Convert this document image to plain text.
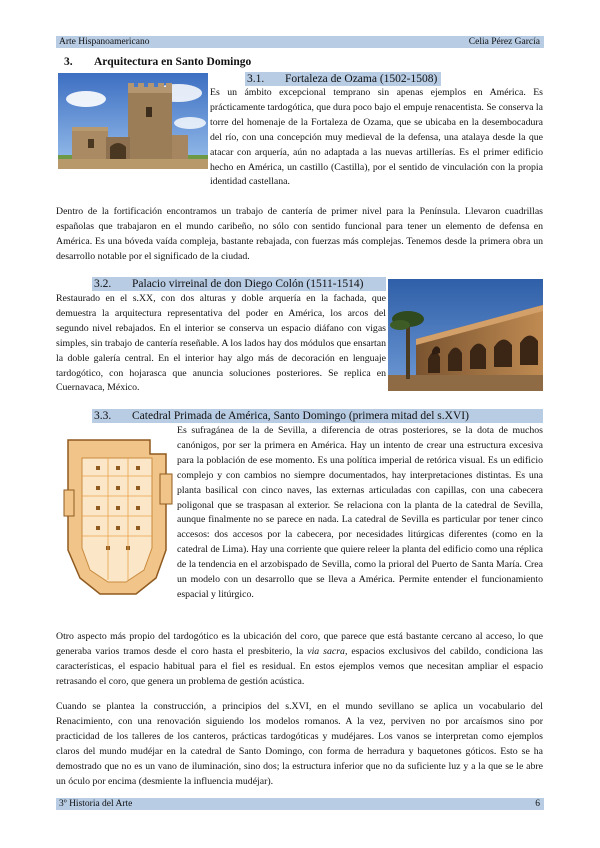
Arte Hispanoamericano	Celia Pérez García
3. Arquitectura en Santo Domingo
3.1. Fortaleza de Ozama (1502-1508)

Es un ámbito excepcional temprano sin apenas ejemplos en América. Es prácticamente tardogótica, que dura poco bajo el empuje renacentista. Se conserva la torre del homenaje de la Fortaleza de Ozama, que se ubicaba en la desembocadura del río, con una concepción muy medieval de la defensa, una atalaya desde la que atacar con arquería, aún no adaptada a las nuevas artillerías. Es el primer edificio hecho en América, un castillo (Castilla), por el sentido de vinculación con la propia identidad castellana.

Dentro de la fortificación encontramos un trabajo de cantería de primer nivel para la Península. Llevaron cuadrillas españolas que trabajaron en el mundo caribeño, no sólo con sentido funcional para tener un elemento de defensa en América. Es una bóveda vaída compleja, bastante rebajada, con fuerzas más complejas. Tenemos desde la primera obra un desarrollo notable por el significado de la ciudad.

3.2. Palacio virreinal de don Diego Colón (1511-1514)

Restaurado en el s.XX, con dos alturas y doble arquería en la fachada, que demuestra la arquitectura representativa del poder en América, los arcos del segundo nivel rebajados. En el interior se conserva un espacio diáfano con vigas simples, sin trabajo de cantería reseñable. A los lados hay dos módulos que ensartan la doble galería central. En el interior hay algo más de decoración en lenguaje tardogótico, con hojarasca que anuncia soluciones posteriores. Se replica en Cuernavaca, México.

3.3. Catedral Primada de América, Santo Domingo (primera mitad del s.XVI)

Es sufragánea de la de Sevilla, a diferencia de otras posteriores, se la dota de muchos canónigos, por ser la primera en América. Hay un intento de crear una estructura excesiva para la población de ese momento. Es una política imperial de retórica visual. Es un edificio complejo y con cambios no siempre documentados, hay interpretaciones distintas. Es una planta basilical con cinco naves, las externas articuladas con capillas, con una cabecera poligonal que se traspasan al exterior. Se relaciona con la planta de la catedral de Sevilla, aunque finalmente no se parece en nada. La catedral de Sevilla es particular por tener cinco accesos: dos accesos por la cabecera, por necesidades litúrgicas diferentes (como en la catedral de Lima). Hay una corriente que quiere releer la planta del edificio como una réplica de la tendencia en el arzobispado de Sevilla, como la prioral del Puerto de Santa María. Crea un modelo con un desarrollo que se lleva a América. Permite entender el funcionamiento espacial y litúrgico.

Otro aspecto más propio del tardogótico es la ubicación del coro, que parece que está bastante cercano al acceso, lo que generaba varios tramos desde el coro hasta el presbiterio, la via sacra, espacios exclusivos del cabildo, condiciona las características, el espacio habitual para el fiel es residual. En estos ejemplos vemos que necesitan ampliar el espacio retrasando el coro, que genera un problema de gestión acústica.

Cuando se plantea la construcción, a principios del s.XVI, en el mundo sevillano se aplica un vocabulario del Renacimiento, con una renovación siguiendo los modelos romanos. A la vez, perviven no por arcaísmos sino por practicidad de los talleres de los canteros, prácticas tardogóticas y mudéjares. Los vanos se interpretan como ejemplos claros del mundo mudéjar en la catedral de Santo Domingo, con forma de herradura y baquetones góticos. Esto se ha demostrado que no es un vano de iluminación, sino dos; la estructura inferior que no da suficiente luz y a la que se le abre un óculo por encima (desmiente la influencia mudéjar).

3º Historia del Arte	6
